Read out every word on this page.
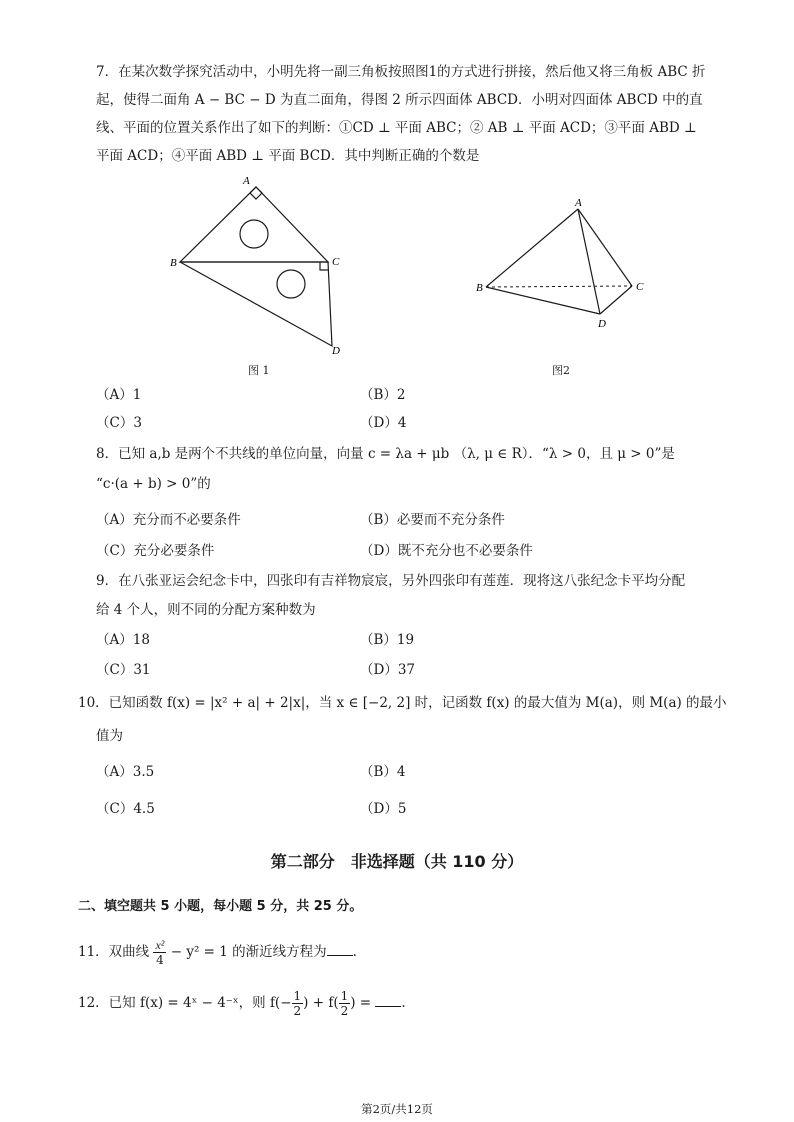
7．在某次数学探究活动中，小明先将一副三角板按照图1的方式进行拼接，然后他又将三角板 ABC 折
起，使得二面角 A − BC − D 为直二面角，得图 2 所示四面体 ABCD．小明对四面体 ABCD 中的直
线、平面的位置关系作出了如下的判断：①CD ⊥ 平面 ABC；② AB ⊥ 平面 ACD；③平面 ABD ⊥
平面 ACD；④平面 ABD ⊥ 平面 BCD．其中判断正确的个数是
A
B	C
D
图 1
A
B	C
D
图2
（A）1	（B）2
（C）3	（D）4
8．已知 a,b 是两个不共线的单位向量，向量 c = λa + μb （λ, μ ∈ R）．“λ > 0，且 μ > 0”是
“c·(a + b) > 0”的
（A）充分而不必要条件	（B）必要而不充分条件
（C）充分必要条件	（D）既不充分也不必要条件
9．在八张亚运会纪念卡中，四张印有吉祥物宸宸，另外四张印有莲莲．现将这八张纪念卡平均分配
给 4 个人，则不同的分配方案种数为
（A）18	（B）19
（C）31	（D）37
10．已知函数 f(x) = |x² + a| + 2|x|，当 x ∈ [−2, 2] 时，记函数 f(x) 的最大值为 M(a)，则 M(a) 的最小
值为
（A）3.5	（B）4
（C）4.5	（D）5
第二部分　非选择题（共 110 分）
二、填空题共 5 小题，每小题 5 分，共 25 分。
11．双曲线 $\frac{\text{x²}}{4} - y^2 = 1$ 的渐近线方程为 .
12．已知 f(x) = 4ˣ − 4⁻ˣ，则 $f(- \frac{1}{2}$ ) + $f( \frac{1}{2}$ ) = .
第2页/共12页
